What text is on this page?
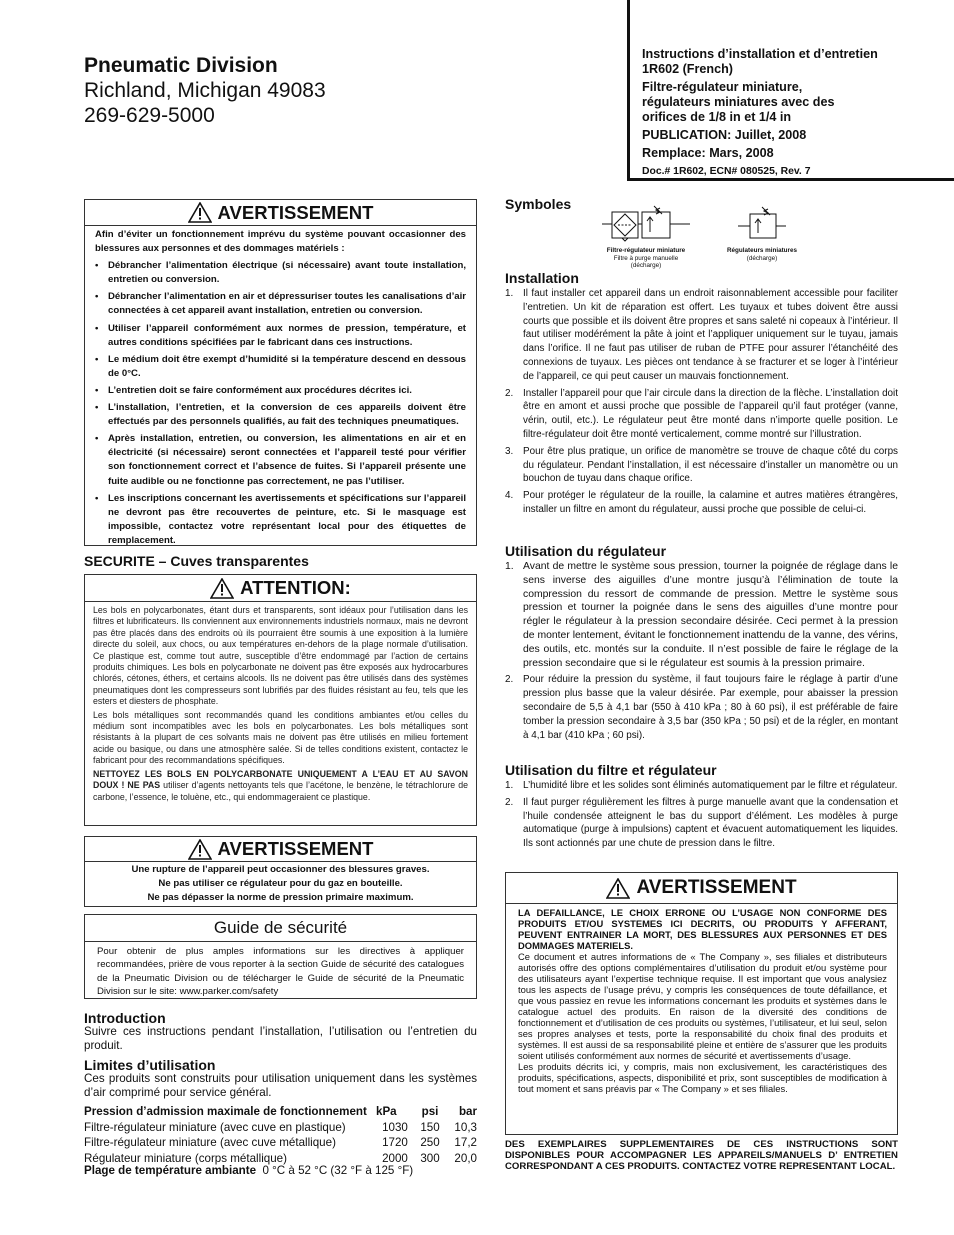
Pneumatic Division
Richland, Michigan 49083
269-629-5000
Instructions d’installation et d’entretien
1R602 (French)
Filtre-régulateur miniature,
régulateurs miniatures avec des
orifices de 1/8 in et 1/4 in
PUBLICATION: Juillet, 2008
Remplace: Mars, 2008
Doc.# 1R602, ECN# 080525, Rev. 7
AVERTISSEMENT
Afin d’éviter un fonctionnement imprévu du système pouvant occasionner des blessures aux personnes et des dommages matériels :
•	Débrancher l’alimentation électrique (si nécessaire) avant toute installation, entretien ou conversion.
•	Débrancher l’alimentation en air et dépressuriser toutes les canalisations d’air connectées à cet appareil avant installation, entretien ou conversion.
•	Utiliser l’appareil conformément aux normes de pression, température, et autres conditions spécifiées par le fabricant dans ces instructions.
•	Le médium doit être exempt d’humidité si la température descend en dessous de 0°C.
•	L’entretien doit se faire conformément aux procédures décrites ici.
•	L’installation, l’entretien, et la conversion de ces appareils doivent être effectués par des personnels qualifiés, au fait des techniques pneumatiques.
•	Après installation, entretien, ou conversion, les alimentations en air et en électricité (si nécessaire) seront connectées et l’appareil testé pour vérifier son fonctionnement correct et l’absence de fuites. Si l’appareil présente une fuite audible ou ne fonctionne pas correctement, ne pas l’utiliser.
•	Les inscriptions concernant les avertissements et spécifications sur l’appareil ne devront pas être recouvertes de peinture, etc. Si le masquage est impossible, contactez votre représentant local pour des étiquettes de remplacement.
SECURITE – Cuves transparentes
ATTENTION:
Les bols en polycarbonates, étant durs et transparents, sont idéaux pour l’utilisation dans les filtres et lubrificateurs. Ils conviennent aux environnements industriels normaux, mais ne devront pas être placés dans des endroits où ils pourraient être soumis à une exposition à la lumière directe du soleil, aux chocs, ou aux températures en-dehors de la plage normale d’utilisation. Ce plastique est, comme tout autre, susceptible d’être endommagé par l’action de certains produits chimiques. Les bols en polycarbonate ne doivent pas être exposés aux hydrocarbures chlorés, cétones, éthers, et certains alcools. Ils ne doivent pas être utilisés dans des systèmes pneumatiques dont les compresseurs sont lubrifiés par des fluides résistant au feu, tels que les esters et diesters de phosphate.
Les bols métalliques sont recommandés quand les conditions ambiantes et/ou celles du médium sont incompatibles avec les bols en polycarbonates. Les bols métalliques sont résistants à la plupart de ces solvants mais ne doivent pas être utilisés en milieu fortement acide ou basique, ou dans une atmosphère salée. Si de telles conditions existent, contactez le fabricant pour des recommandations spécifiques.
NETTOYEZ LES BOLS EN POLYCARBONATE UNIQUEMENT A L’EAU ET AU SAVON DOUX ! NE PAS utiliser d’agents nettoyants tels que l’acétone, le benzène, le tétrachlorure de carbone, l’essence, le toluène, etc., qui endommageraient ce plastique.
AVERTISSEMENT
Une rupture de l’appareil peut occasionner des blessures graves.
Ne pas utiliser ce régulateur pour du gaz en bouteille.
Ne pas dépasser la norme de pression primaire maximum.
Guide de sécurité
Pour obtenir de plus amples informations sur les directives à appliquer recommandées, prière de vous reporter à la section Guide de sécurité des catalogues de la Pneumatic Division ou de télécharger le Guide de sécurité de la Pneumatic Division sur le site: www.parker.com/safety
Introduction
Suivre ces instructions pendant l’installation, l’utilisation ou l’entretien du produit.
Limites d’utilisation
Ces produits sont construits pour utilisation uniquement dans les systèmes d’air comprimé pour service général.
Pression d’admission maximale de fonctionnement	kPa	psi	bar
Filtre-régulateur miniature (avec cuve en plastique)	1030	150	10,3
Filtre-régulateur miniature (avec cuve métallique)	1720	250	17,2
Régulateur miniature (corps métallique)	2000	300	20,0
Plage de température ambiante 0 °C à 52 °C (32 °F à 125 °F)
Symboles
Filtre-régulateur miniature
Filtre à purge manuelle
(décharge)
Régulateurs miniatures
(décharge)
Installation
1. Il faut installer cet appareil dans un endroit raisonnablement accessible pour faciliter l’entretien. Un kit de réparation est offert. Les tuyaux et tubes doivent être aussi courts que possible et ils doivent être propres et sans saleté ni copeaux à l’intérieur. Il faut utiliser modérément la pâte à joint et l’appliquer uniquement sur le tuyau, jamais dans l’orifice. Il ne faut pas utiliser de ruban de PTFE pour assurer l’étanchéité des connexions de tuyaux. Les pièces ont tendance à se fracturer et se loger à l’intérieur de l’appareil, ce qui peut causer un mauvais fonctionnement.
2. Installer l’appareil pour que l’air circule dans la direction de la flèche. L’installation doit être en amont et aussi proche que possible de l’appareil qu’il faut protéger (vanne, vérin, outil, etc.). Le régulateur peut être monté dans n’importe quelle position. Le filtre-régulateur doit être monté verticalement, comme montré sur l’illustration.
3. Pour être plus pratique, un orifice de manomètre se trouve de chaque côté du corps du régulateur. Pendant l’installation, il est nécessaire d’installer un manomètre ou un bouchon de tuyau dans chaque orifice.
4. Pour protéger le régulateur de la rouille, la calamine et autres matières étrangères, installer un filtre en amont du régulateur, aussi proche que possible de celui-ci.
Utilisation du régulateur
1. Avant de mettre le système sous pression, tourner la poignée de réglage dans le sens inverse des aiguilles d’une montre jusqu’à l’élimination de toute la compression du ressort de commande de pression. Mettre le système sous pression et tourner la poignée dans le sens des aiguilles d’une montre pour régler le régulateur à la pression secondaire désirée. Ceci permet à la pression de monter lentement, évitant le fonctionnement inattendu de la vanne, des vérins, des outils, etc. montés sur la conduite. Il n’est possible de faire le réglage de la pression secondaire que si le régulateur est soumis à la pression primaire.
2. Pour réduire la pression du système, il faut toujours faire le réglage à partir d’une pression plus basse que la valeur désirée. Par exemple, pour abaisser la pression secondaire de 5,5 à 4,1 bar (550 à 410 kPa ; 80 à 60 psi), il est préférable de faire tomber la pression secondaire à 3,5 bar (350 kPa ; 50 psi) et de la régler, en montant à 4,1 bar (410 kPa ; 60 psi).
Utilisation du filtre et régulateur
1. L’humidité libre et les solides sont éliminés automatiquement par le filtre et régulateur.
2. Il faut purger régulièrement les filtres à purge manuelle avant que la condensation et l’huile condensée atteignent le bas du support d’élément. Les modèles à purge automatique (purge à impulsions) captent et évacuent automatiquement les liquides. Ils sont actionnés par une chute de pression dans le filtre.
AVERTISSEMENT
LA DEFAILLANCE, LE CHOIX ERRONE OU L’USAGE NON CONFORME DES PRODUITS ET/OU SYSTEMES ICI DECRITS, OU PRODUITS Y AFFERANT, PEUVENT ENTRAINER LA MORT, DES BLESSURES AUX PERSONNES ET DES DOMMAGES MATERIELS.
Ce document et autres informations de « The Company », ses filiales et distributeurs autorisés offre des options complémentaires d’utilisation du produit et/ou système pour des utilisateurs ayant l’expertise technique requise. Il est important que vous analysiez tous les aspects de l’usage prévu, y compris les conséquences de toute défaillance, et que vous passiez en revue les informations concernant les produits et systèmes dans le catalogue actuel des produits. En raison de la diversité des conditions de fonctionnement et d’utilisation de ces produits ou systèmes, l’utilisateur, et lui seul, selon ses propres analyses et tests, porte la responsabilité du choix final des produits et systèmes. Il est aussi de sa responsabilité pleine et entière de s’assurer que les produits soient utilisés conformément aux normes de sécurité et avertissements d’usage.
Les produits décrits ici, y compris, mais non exclusivement, les caractéristiques des produits, spécifications, aspects, disponibilité et prix, sont susceptibles de modification à tout moment et sans préavis par « The Company » et ses filiales.
DES EXEMPLAIRES SUPPLEMENTAIRES DE CES INSTRUCTIONS SONT DISPONIBLES POUR ACCOMPAGNER LES APPAREILS/MANUELS D’ ENTRETIEN CORRESPONDANT A CES PRODUITS. CONTACTEZ VOTRE REPRESENTANT LOCAL.
